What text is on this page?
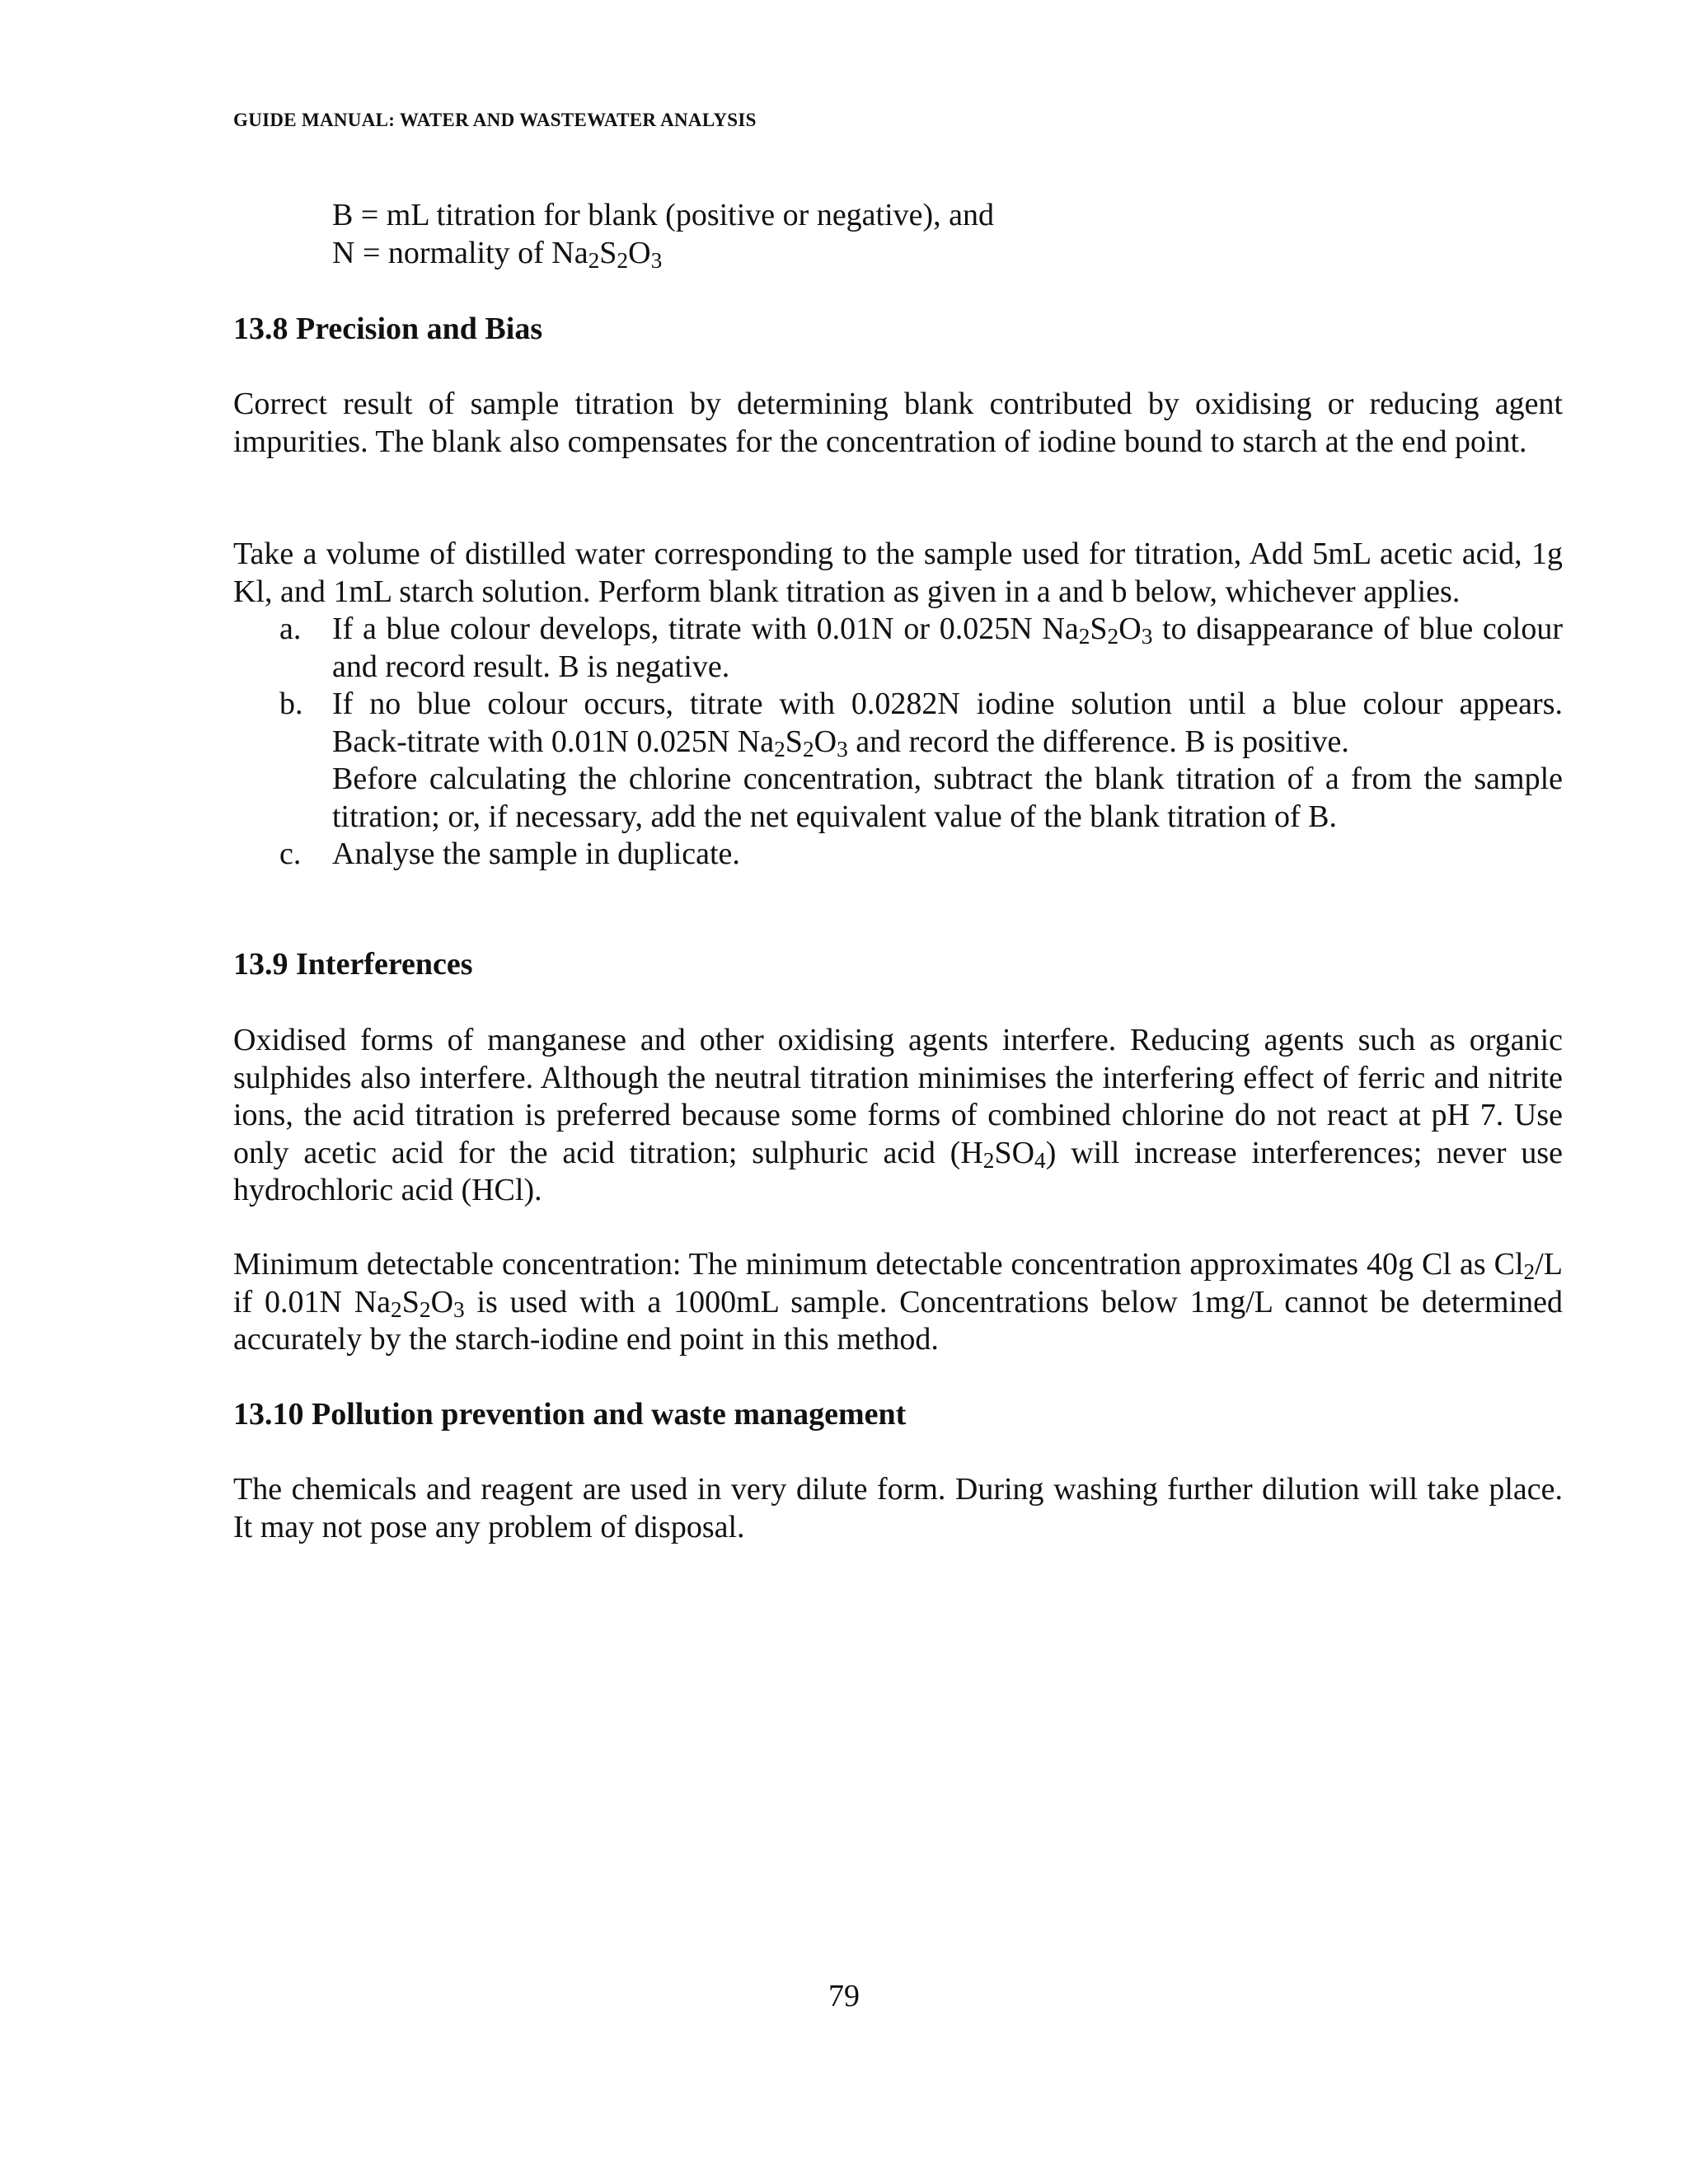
GUIDE MANUAL: WATER AND WASTEWATER ANALYSIS
B = mL titration for blank (positive or negative), and
N = normality of $Na_2S_2O_3$
13.8 Precision and Bias

Correct result of sample titration by determining blank contributed by oxidising or reducing agent impurities. The blank also compensates for the concentration of iodine bound to starch at the end point.

Take a volume of distilled water corresponding to the sample used for titration, Add 5mL acetic acid, 1g Kl, and 1mL starch solution. Perform blank titration as given in a and b below, whichever applies.

a. If a blue colour develops, titrate with 0.01N or 0.025N $Na_2S_2O_3$ to disappearance of blue colour and record result. B is negative.
b. If no blue colour occurs, titrate with 0.0282N iodine solution until a blue colour appears.
Back-titrate with 0.01N 0.025N $Na_2S_2O_3$ and record the difference. B is positive.
Before calculating the chlorine concentration, subtract the blank titration of a from the sample titration; or, if necessary, add the net equivalent value of the blank titration of B.
c. Analyse the sample in duplicate.
13.9 Interferences

Oxidised forms of manganese and other oxidising agents interfere. Reducing agents such as organic sulphides also interfere. Although the neutral titration minimises the interfering effect of ferric and nitrite ions, the acid titration is preferred because some forms of combined chlorine do not react at pH 7. Use only acetic acid for the acid titration; sulphuric acid $(H_2SO_4)$ will increase interferences; never use hydrochloric acid (HCl).

Minimum detectable concentration: The minimum detectable concentration approximates 40g Cl as $Cl_2/L$ if 0.01N $Na_2S_2O_3$ is used with a 1000mL sample. Concentrations below 1mg/L cannot be determined accurately by the starch-iodine end point in this method.

13.10 Pollution prevention and waste management

The chemicals and reagent are used in very dilute form. During washing further dilution will take place. It may not pose any problem of disposal.

79
